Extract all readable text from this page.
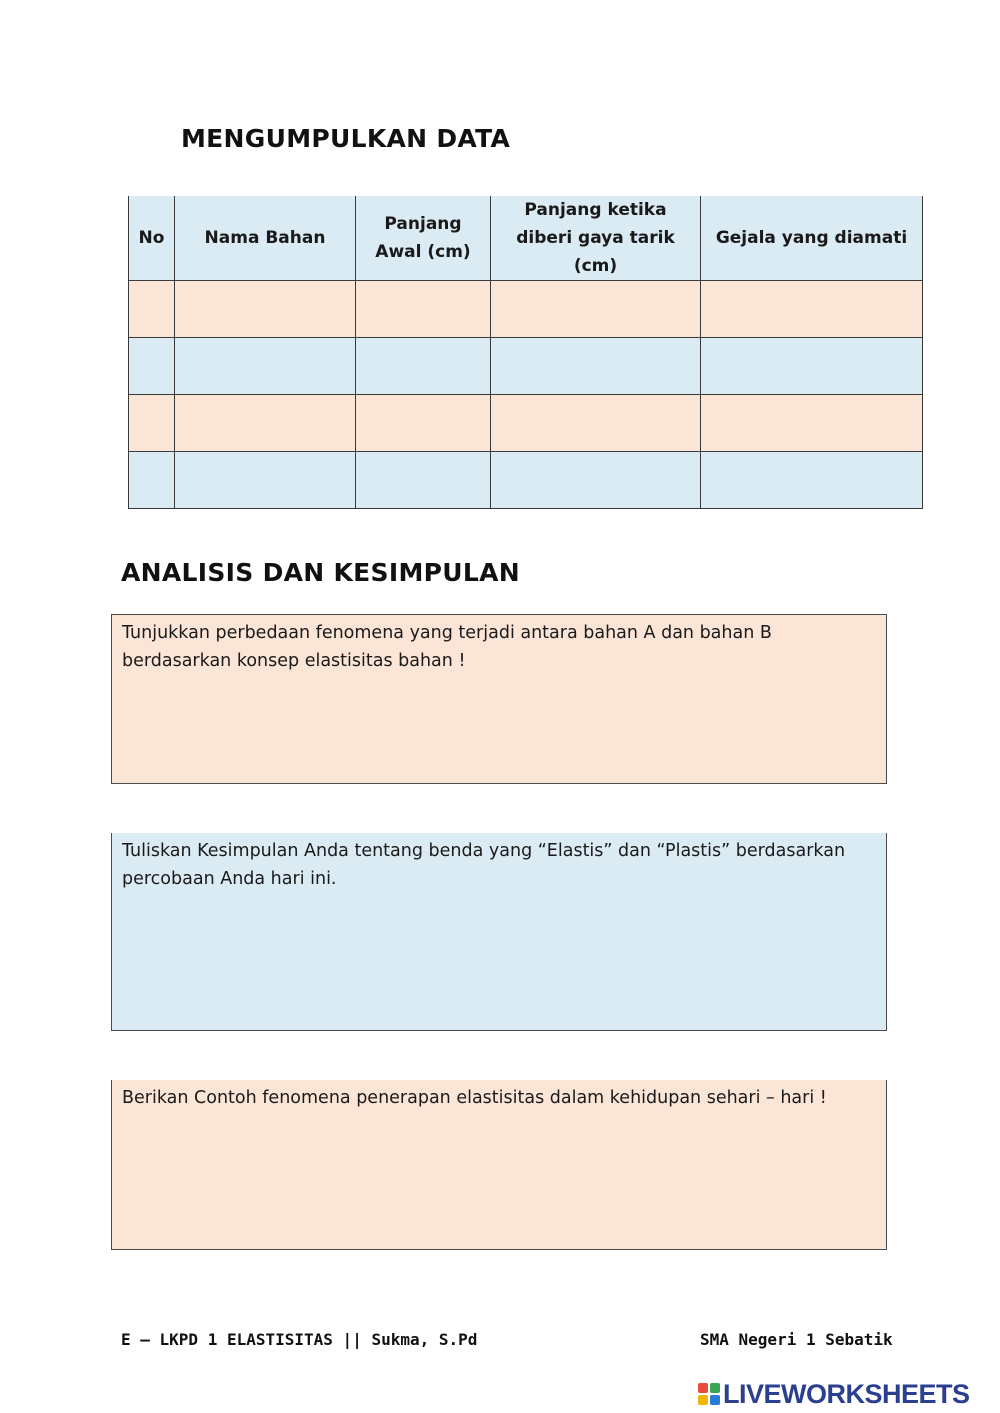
MENGUMPULKAN DATA
No	Nama Bahan	Panjang Awal (cm)	Panjang ketika diberi gaya tarik (cm)	Gejala yang diamati

ANALISIS DAN KESIMPULAN
Tunjukkan perbedaan fenomena yang terjadi antara bahan A dan bahan B berdasarkan konsep elastisitas bahan !
Tuliskan Kesimpulan Anda tentang benda yang “Elastis” dan “Plastis” berdasarkan percobaan Anda hari ini.
Berikan Contoh fenomena penerapan elastisitas dalam kehidupan sehari – hari !
E – LKPD 1 ELASTISITAS || Sukma, S.Pd	SMA Negeri 1 Sebatik
LIVEWORKSHEETS
